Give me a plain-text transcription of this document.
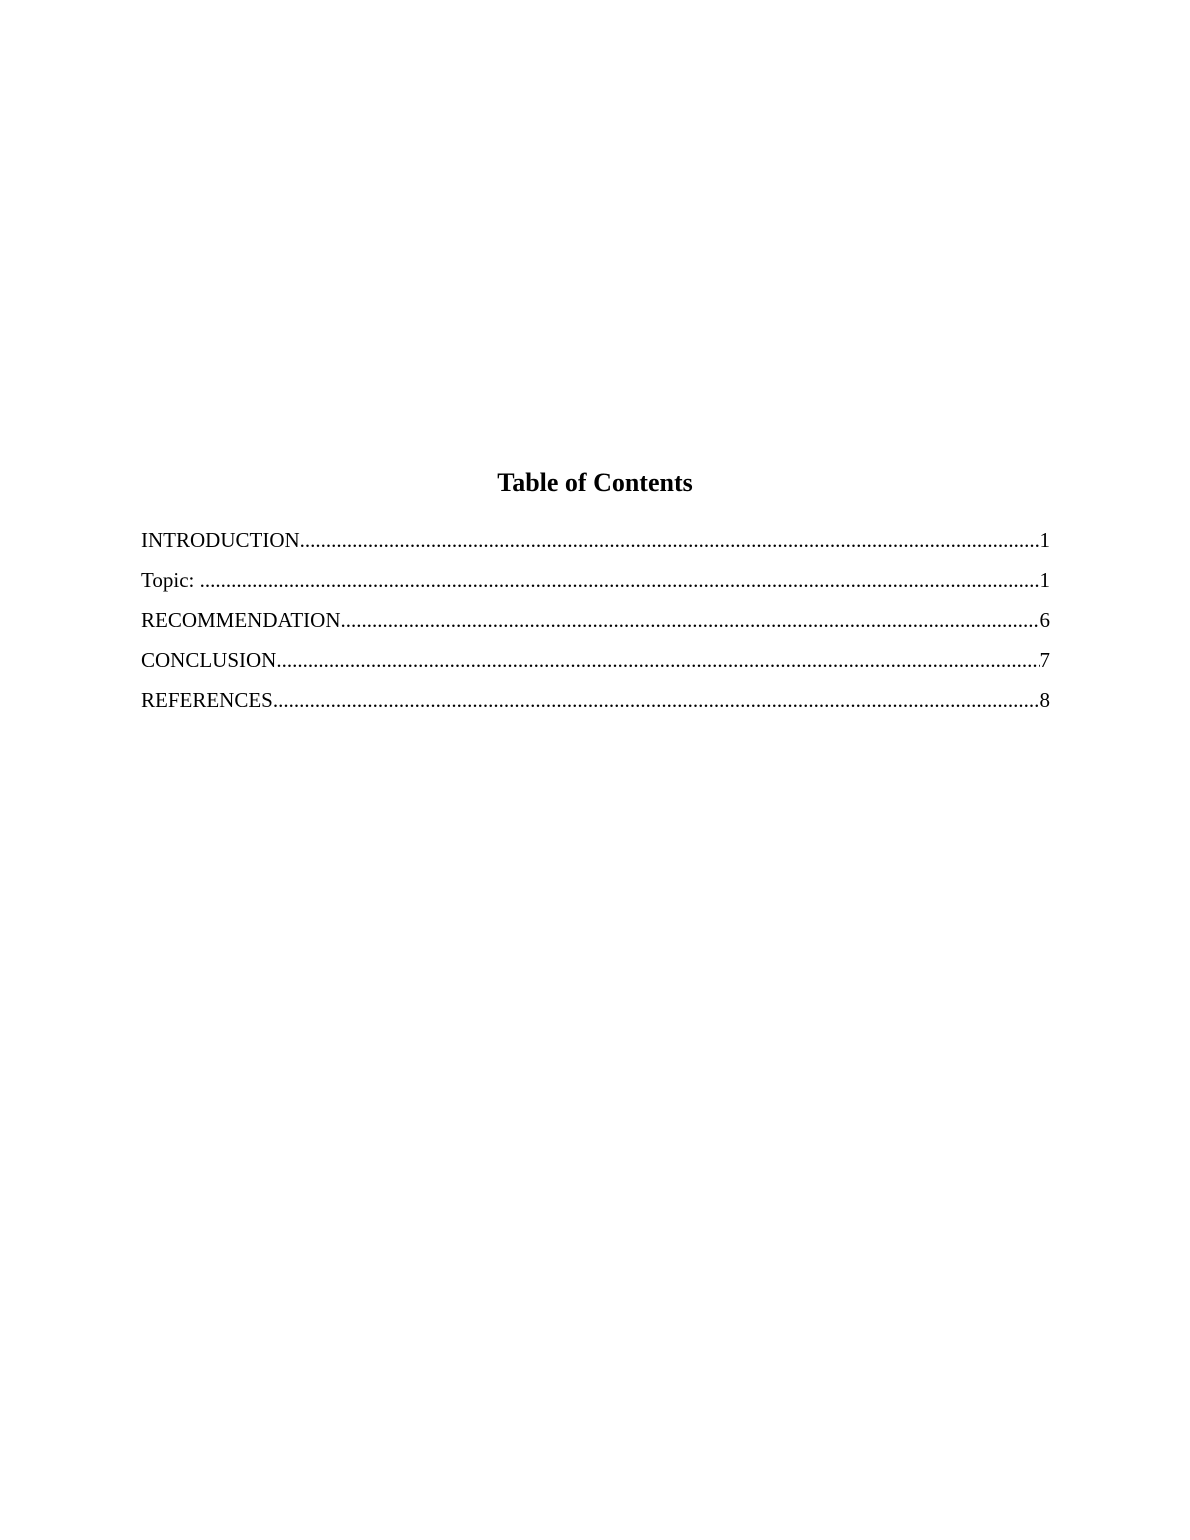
Table of Contents
INTRODUCTION .....	1
Topic: .....	1
RECOMMENDATION .....	6
CONCLUSION .....	7
REFERENCES .....	8
